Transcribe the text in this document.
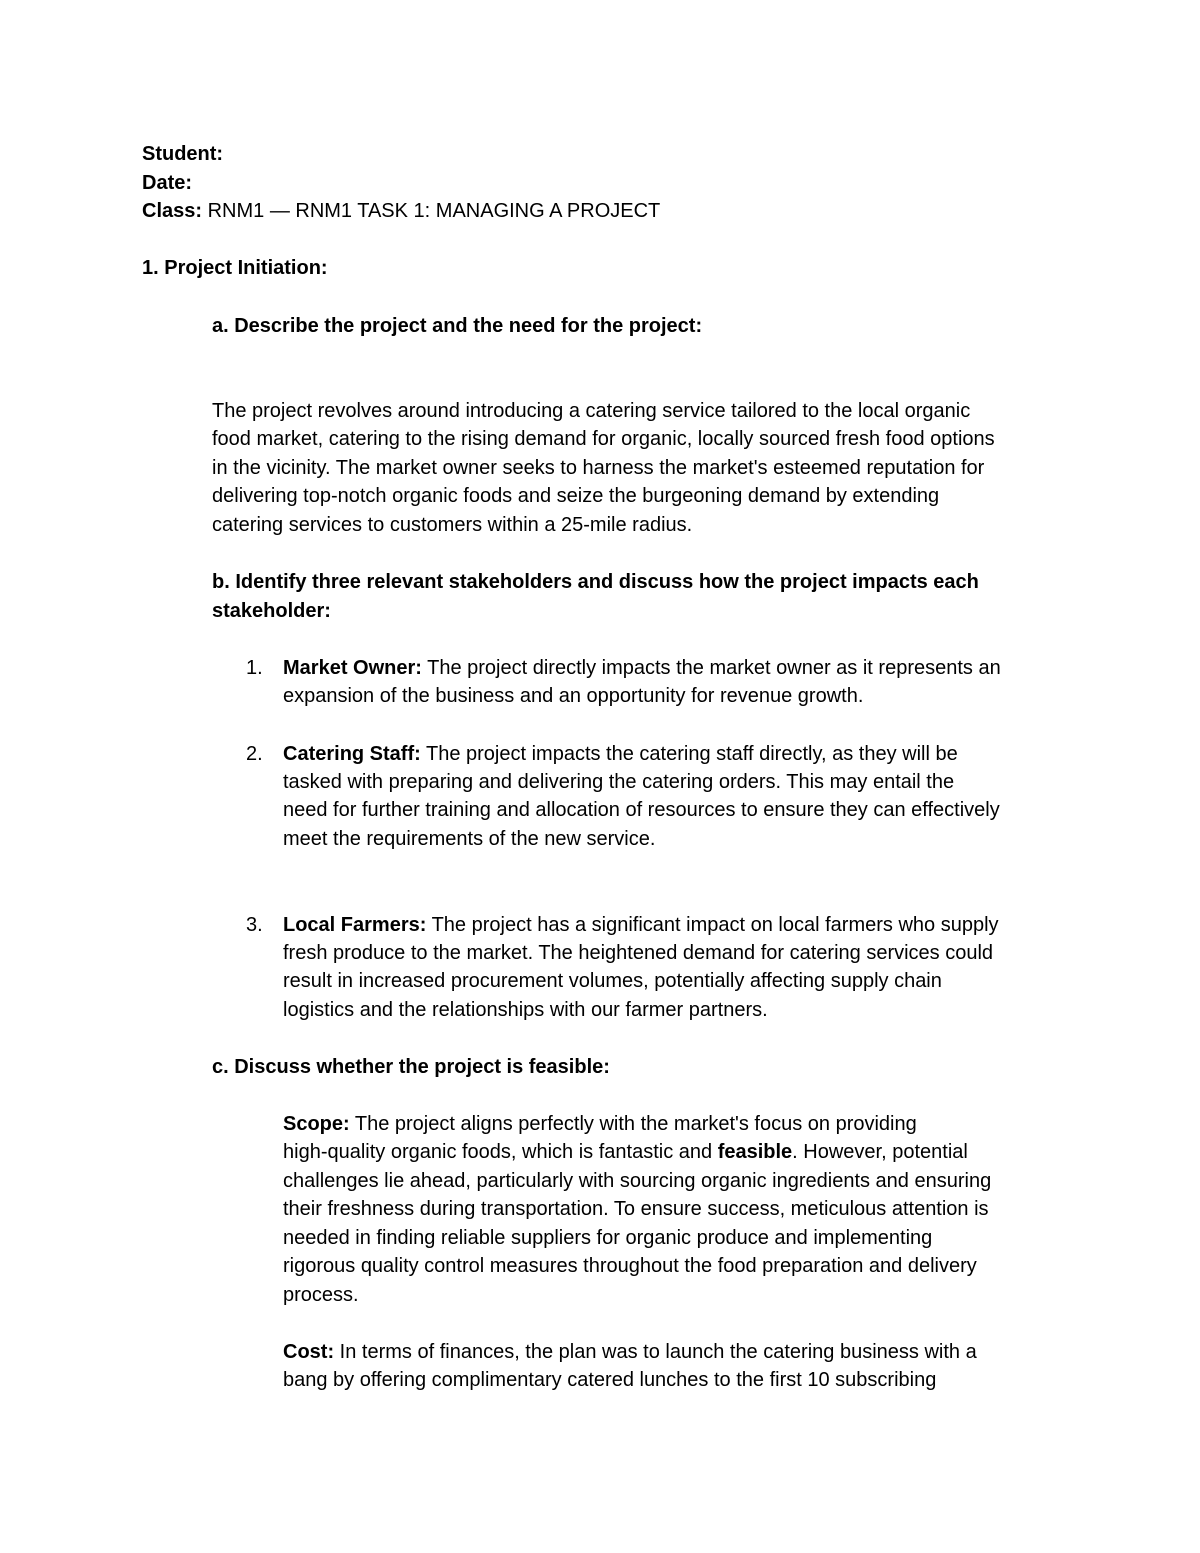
Student:
Date:
Class: RNM1 — RNM1 TASK 1: MANAGING A PROJECT
1. Project Initiation:
a. Describe the project and the need for the project:
The project revolves around introducing a catering service tailored to the local organic
food market, catering to the rising demand for organic, locally sourced fresh food options
in the vicinity. The market owner seeks to harness the market's esteemed reputation for
delivering top-notch organic foods and seize the burgeoning demand by extending
catering services to customers within a 25-mile radius.
b. Identify three relevant stakeholders and discuss how the project impacts each
stakeholder:
1. Market Owner: The project directly impacts the market owner as it represents an
expansion of the business and an opportunity for revenue growth.
2. Catering Staff: The project impacts the catering staff directly, as they will be
tasked with preparing and delivering the catering orders. This may entail the
need for further training and allocation of resources to ensure they can effectively
meet the requirements of the new service.
3. Local Farmers: The project has a significant impact on local farmers who supply
fresh produce to the market. The heightened demand for catering services could
result in increased procurement volumes, potentially affecting supply chain
logistics and the relationships with our farmer partners.
c. Discuss whether the project is feasible:
Scope: The project aligns perfectly with the market's focus on providing
high-quality organic foods, which is fantastic and feasible. However, potential
challenges lie ahead, particularly with sourcing organic ingredients and ensuring
their freshness during transportation. To ensure success, meticulous attention is
needed in finding reliable suppliers for organic produce and implementing
rigorous quality control measures throughout the food preparation and delivery
process.
Cost: In terms of finances, the plan was to launch the catering business with a
bang by offering complimentary catered lunches to the first 10 subscribing
